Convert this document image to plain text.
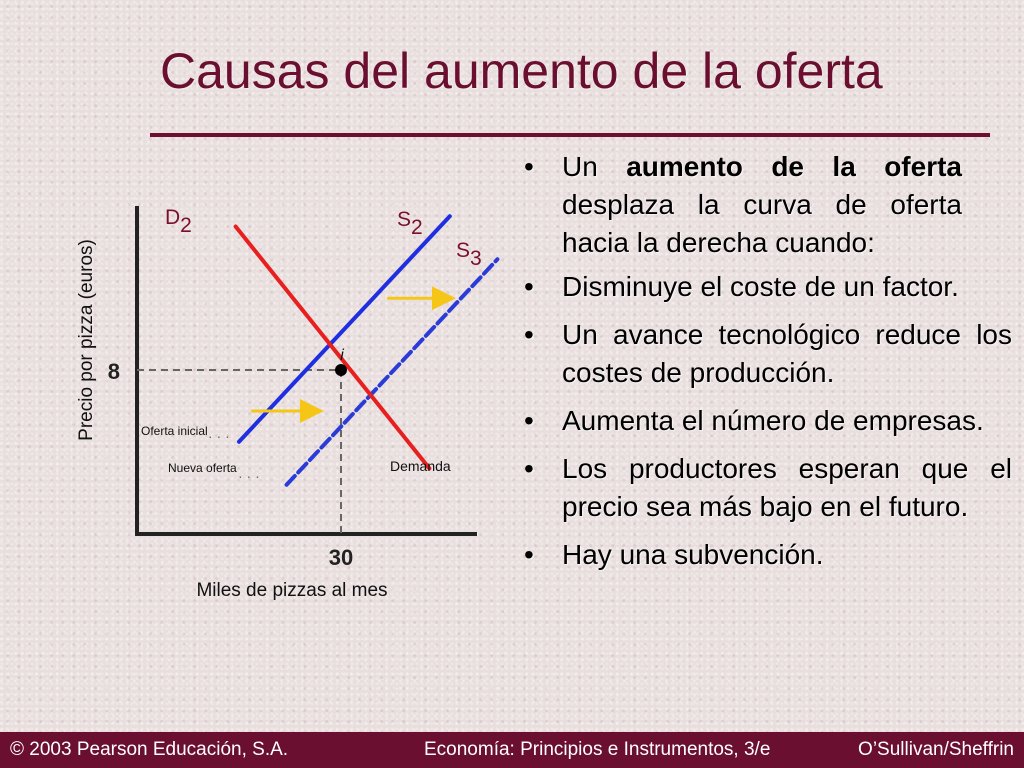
Causas del aumento de la oferta
• Un aumento de la oferta desplaza la curva de oferta hacia la derecha cuando:
• Disminuye el coste de un factor.
• Un avance tecnológico reduce los costes de producción.
• Aumenta el número de empresas.
• Los productores esperan que el precio sea más bajo en el futuro.
• Hay una subvención.
8
30
Miles de pizzas al mes
Precio por pizza (euros)	i
D2	S2
S3
Oferta inicial
Nueva oferta	Demanda
· · ·
· · ·
© 2003 Pearson Educación, S.A.	Economía: Principios e Instrumentos, 3/e	O’Sullivan/Sheffrin
